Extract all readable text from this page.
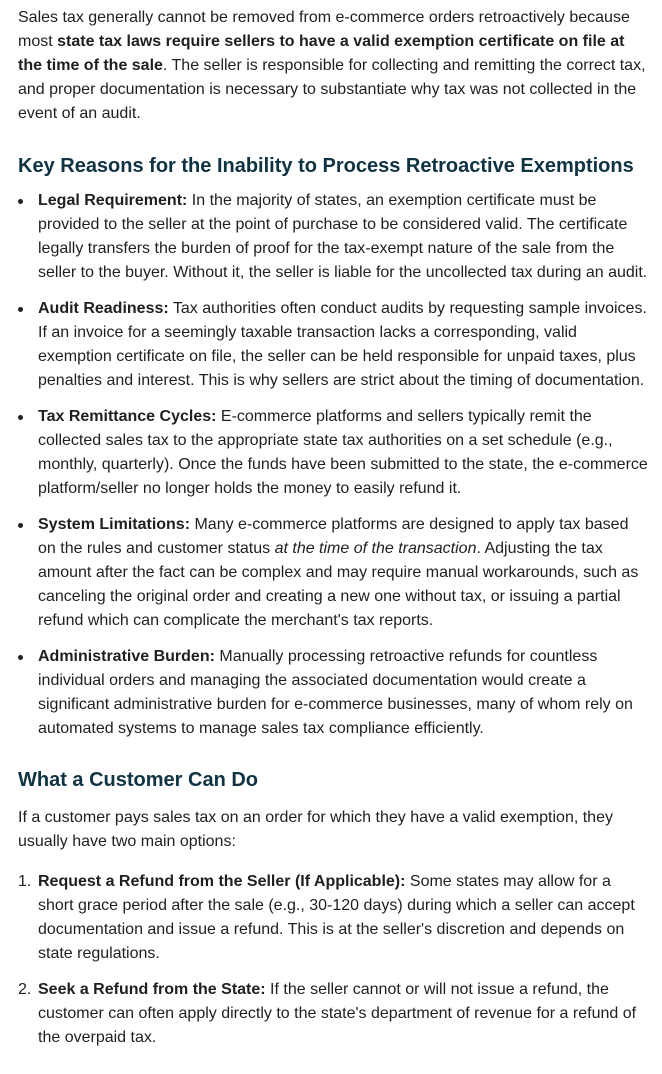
Sales tax generally cannot be removed from e-commerce orders retroactively because most state tax laws require sellers to have a valid exemption certificate on file at the time of the sale. The seller is responsible for collecting and remitting the correct tax, and proper documentation is necessary to substantiate why tax was not collected in the event of an audit.

Key Reasons for the Inability to Process Retroactive Exemptions
Legal Requirement: In the majority of states, an exemption certificate must be provided to the seller at the point of purchase to be considered valid. The certificate legally transfers the burden of proof for the tax-exempt nature of the sale from the seller to the buyer. Without it, the seller is liable for the uncollected tax during an audit.
Audit Readiness: Tax authorities often conduct audits by requesting sample invoices. If an invoice for a seemingly taxable transaction lacks a corresponding, valid exemption certificate on file, the seller can be held responsible for unpaid taxes, plus penalties and interest. This is why sellers are strict about the timing of documentation.
Tax Remittance Cycles: E-commerce platforms and sellers typically remit the collected sales tax to the appropriate state tax authorities on a set schedule (e.g., monthly, quarterly). Once the funds have been submitted to the state, the e-commerce platform/seller no longer holds the money to easily refund it.
System Limitations: Many e-commerce platforms are designed to apply tax based on the rules and customer status at the time of the transaction. Adjusting the tax amount after the fact can be complex and may require manual workarounds, such as canceling the original order and creating a new one without tax, or issuing a partial refund which can complicate the merchant's tax reports.
Administrative Burden: Manually processing retroactive refunds for countless individual orders and managing the associated documentation would create a significant administrative burden for e-commerce businesses, many of whom rely on automated systems to manage sales tax compliance efficiently.
What a Customer Can Do

If a customer pays sales tax on an order for which they have a valid exemption, they usually have two main options:

1. Request a Refund from the Seller (If Applicable): Some states may allow for a short grace period after the sale (e.g., 30-120 days) during which a seller can accept documentation and issue a refund. This is at the seller's discretion and depends on state regulations.
2. Seek a Refund from the State: If the seller cannot or will not issue a refund, the customer can often apply directly to the state's department of revenue for a refund of the overpaid tax.
